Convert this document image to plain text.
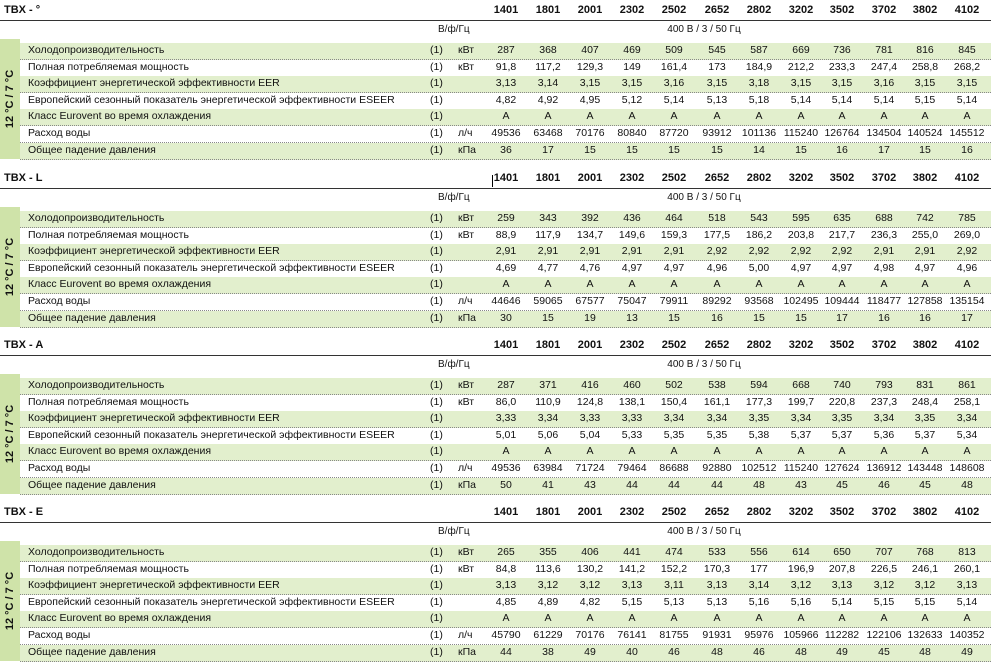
TBX - °	1401	1801	2001	2302	2502	2652	2802	3202	3502	3702	3802	4102
В/ф/Гц	400 В / 3 / 50 Гц
12 °C / 7 °C
Холодопроизводительность	(1) кВт	287	368	407	469	509	545	587	669	736	781	816	845
Полная потребляемая мощность	(1) кВт	91,8	117,2	129,3	149	161,4	173	184,9	212,2	233,3	247,4	258,8	268,2
Коэффициент энергетической эффективности EER	(1)	3,13	3,14	3,15	3,15	3,16	3,15	3,18	3,15	3,15	3,16	3,15	3,15
Европейский сезонный показатель энергетической эффективности ESEER	(1)	4,82	4,92	4,95	5,12	5,14	5,13	5,18	5,14	5,14	5,14	5,15	5,14
Класс Eurovent во время охлаждения	(1)	A	A	A	A	A	A	A	A	A	A	A	A
Расход воды	(1) л/ч	49536	63468	70176	80840	87720	93912 101136 115240 126764 134504 140524 145512
Общее падение давления	(1) кПа	36	17	15	15	15	15	14	15	16	17	15	16
TBX - L	1401	1801	2001	2302	2502	2652	2802	3202	3502	3702	3802	4102
В/ф/Гц	400 В / 3 / 50 Гц
12 °C / 7 °C
Холодопроизводительность	(1) кВт	259	343	392	436	464	518	543	595	635	688	742	785
Полная потребляемая мощность	(1) кВт	88,9	117,9	134,7	149,6	159,3	177,5	186,2	203,8	217,7	236,3	255,0	269,0
Коэффициент энергетической эффективности EER	(1)	2,91	2,91	2,91	2,91	2,91	2,92	2,92	2,92	2,92	2,91	2,91	2,92
Европейский сезонный показатель энергетической эффективности ESEER	(1)	4,69	4,77	4,76	4,97	4,97	4,96	5,00	4,97	4,97	4,98	4,97	4,96
Класс Eurovent во время охлаждения	(1)	A	A	A	A	A	A	A	A	A	A	A	A
Расход воды	(1) л/ч	44646	59065	67577	75047	79911	89292	93568 102495 109444 118477 127858 135154
Общее падение давления	(1) кПа	30	15	19	13	15	16	15	15	17	16	16	17
TBX - A	1401	1801	2001	2302	2502	2652	2802	3202	3502	3702	3802	4102
В/ф/Гц	400 В / 3 / 50 Гц
12 °C / 7 °C
Холодопроизводительность	(1) кВт	287	371	416	460	502	538	594	668	740	793	831	861
Полная потребляемая мощность	(1) кВт	86,0	110,9	124,8	138,1	150,4	161,1	177,3	199,7	220,8	237,3	248,4	258,1
Коэффициент энергетической эффективности EER	(1)	3,33	3,34	3,33	3,33	3,34	3,34	3,35	3,34	3,35	3,34	3,35	3,34
Европейский сезонный показатель энергетической эффективности ESEER	(1)	5,01	5,06	5,04	5,33	5,35	5,35	5,38	5,37	5,37	5,36	5,37	5,34
Класс Eurovent во время охлаждения	(1)	A	A	A	A	A	A	A	A	A	A	A	A
Расход воды	(1) л/ч	49536	63984	71724	79464	86688	92880 102512 115240 127624 136912 143448 148608
Общее падение давления	(1) кПа	50	41	43	44	44	44	48	43	45	46	45	48
TBX - E	1401	1801	2001	2302	2502	2652	2802	3202	3502	3702	3802	4102
В/ф/Гц	400 В / 3 / 50 Гц
12 °C / 7 °C
Холодопроизводительность	(1) кВт	265	355	406	441	474	533	556	614	650	707	768	813
Полная потребляемая мощность	(1) кВт	84,8	113,6	130,2	141,2	152,2	170,3	177	196,9	207,8	226,5	246,1	260,1
Коэффициент энергетической эффективности EER	(1)	3,13	3,12	3,12	3,13	3,11	3,13	3,14	3,12	3,13	3,12	3,12	3,13
Европейский сезонный показатель энергетической эффективности ESEER	(1)	4,85	4,89	4,82	5,15	5,13	5,13	5,16	5,16	5,14	5,15	5,15	5,14
Класс Eurovent во время охлаждения	(1)	A	A	A	A	A	A	A	A	A	A	A	A
Расход воды	(1) л/ч	45790	61229	70176	76141	81755	91931	95976 105966 112282 122106 132633 140352
Общее падение давления	(1) кПа	44	38	49	40	46	48	46	48	49	45	48	49
